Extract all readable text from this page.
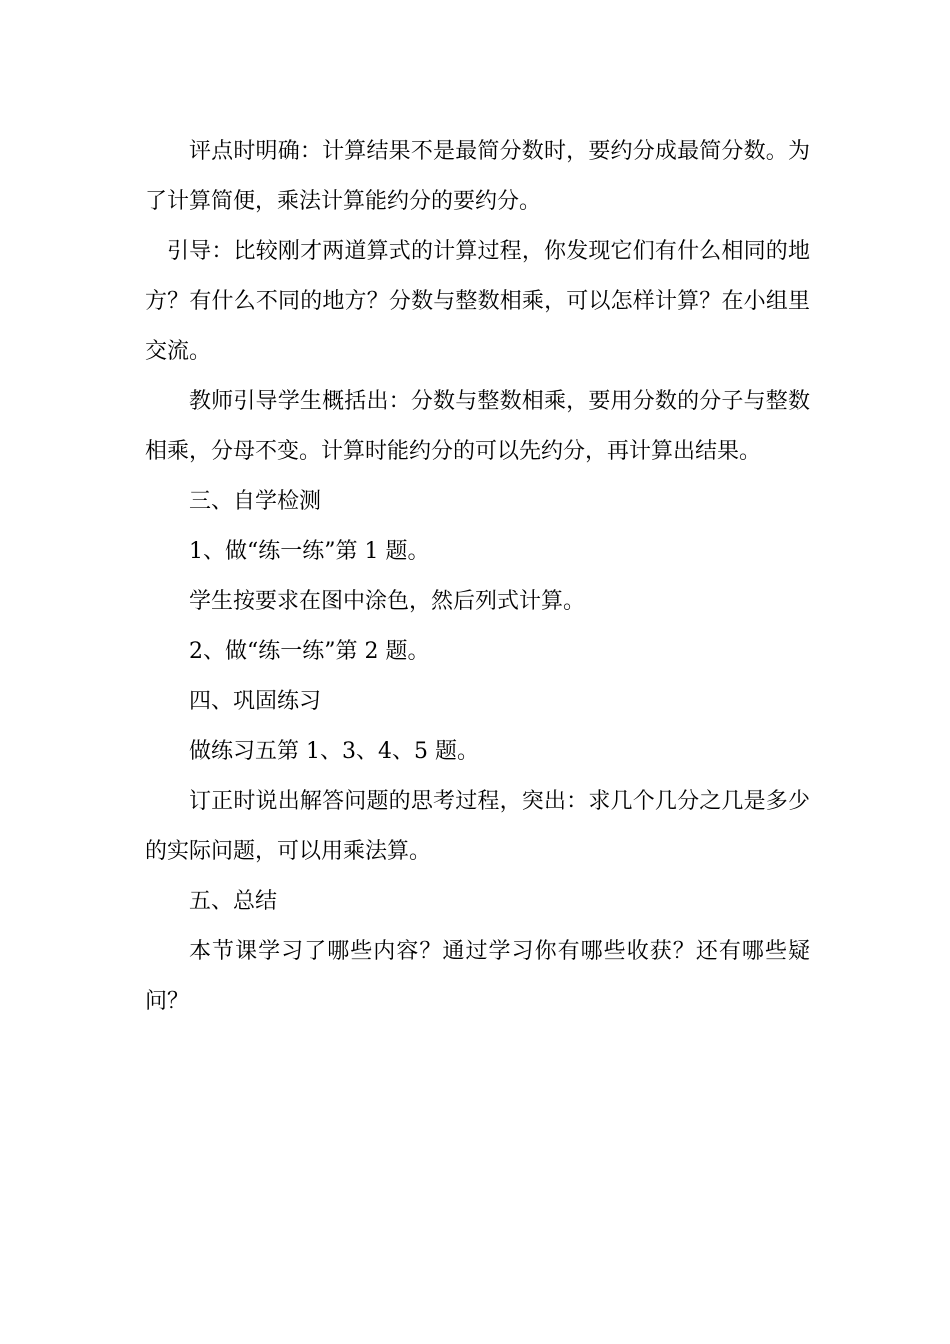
评点时明确：计算结果不是最简分数时，要约分成最简分数。为了计算简便，乘法计算能约分的要约分。

引导：比较刚才两道算式的计算过程，你发现它们有什么相同的地方？有什么不同的地方？分数与整数相乘，可以怎样计算？在小组里交流。

教师引导学生概括出：分数与整数相乘，要用分数的分子与整数相乘，分母不变。计算时能约分的可以先约分，再计算出结果。

三、自学检测

1、做“练一练”第 1 题。

学生按要求在图中涂色，然后列式计算。

2、做“练一练”第 2 题。

四、巩固练习

做练习五第 1、3、4、5 题。

订正时说出解答问题的思考过程，突出：求几个几分之几是多少的实际问题，可以用乘法算。

五、总结

本节课学习了哪些内容？通过学习你有哪些收获？还有哪些疑问？
